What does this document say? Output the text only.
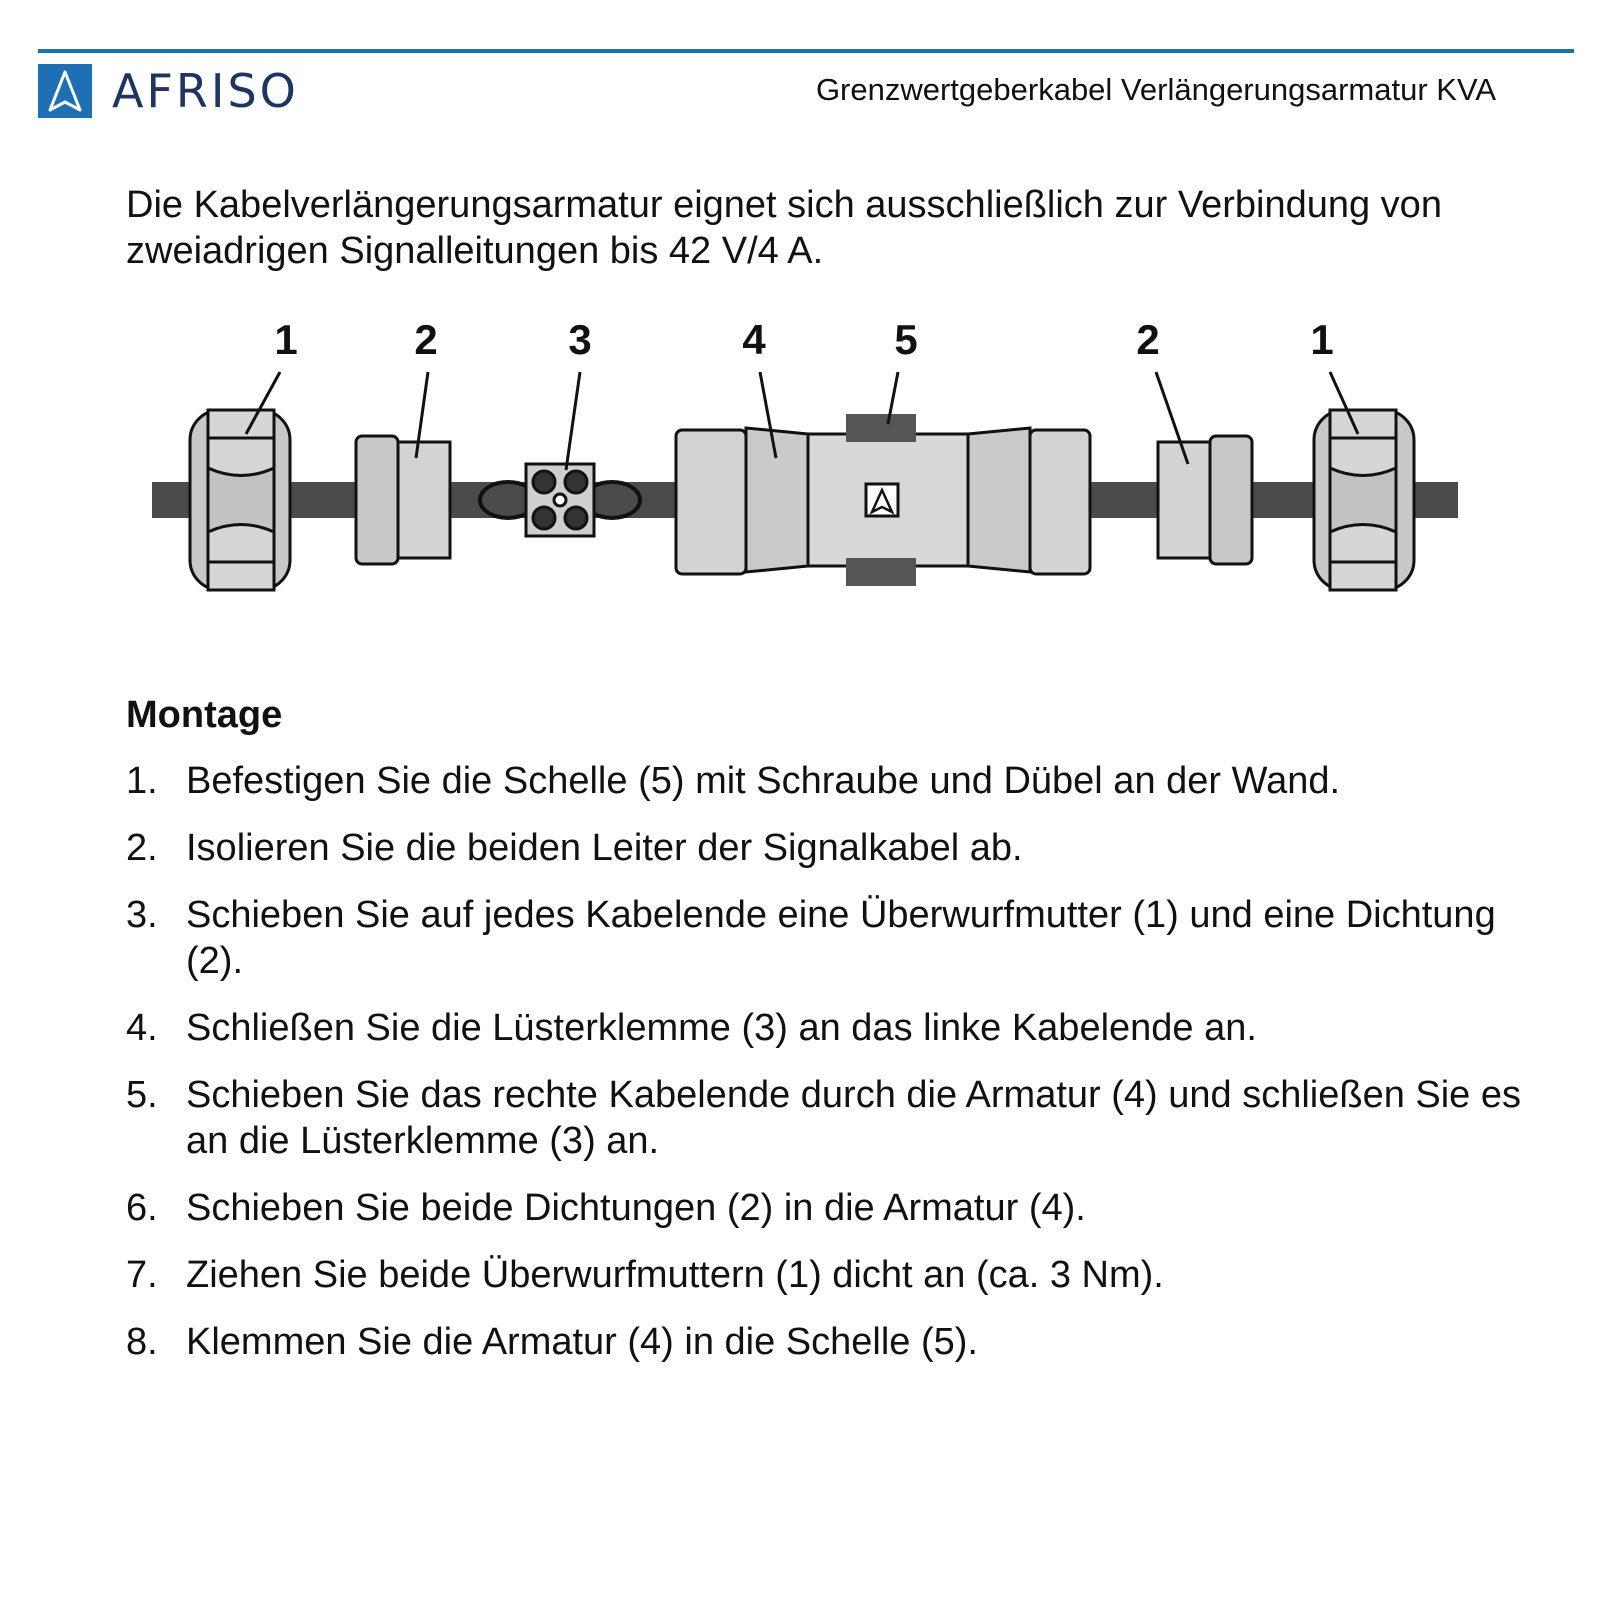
AFRISO	Grenzwertgeberkabel Verlängerungsarmatur KVA
Die Kabelverlängerungsarmatur eignet sich ausschließlich zur Verbindung von zweiadrigen Signalleitungen bis 42 V/4 A.
1	2	3	4	5	2	1
Montage
1. Befestigen Sie die Schelle (5) mit Schraube und Dübel an der Wand.
2. Isolieren Sie die beiden Leiter der Signalkabel ab.
3. Schieben Sie auf jedes Kabelende eine Überwurfmutter (1) und eine Dichtung (2).
4. Schließen Sie die Lüsterklemme (3) an das linke Kabelende an.
5. Schieben Sie das rechte Kabelende durch die Armatur (4) und schließen Sie es an die Lüsterklemme (3) an.
6. Schieben Sie beide Dichtungen (2) in die Armatur (4).
7. Ziehen Sie beide Überwurfmuttern (1) dicht an (ca. 3 Nm).
8. Klemmen Sie die Armatur (4) in die Schelle (5).
